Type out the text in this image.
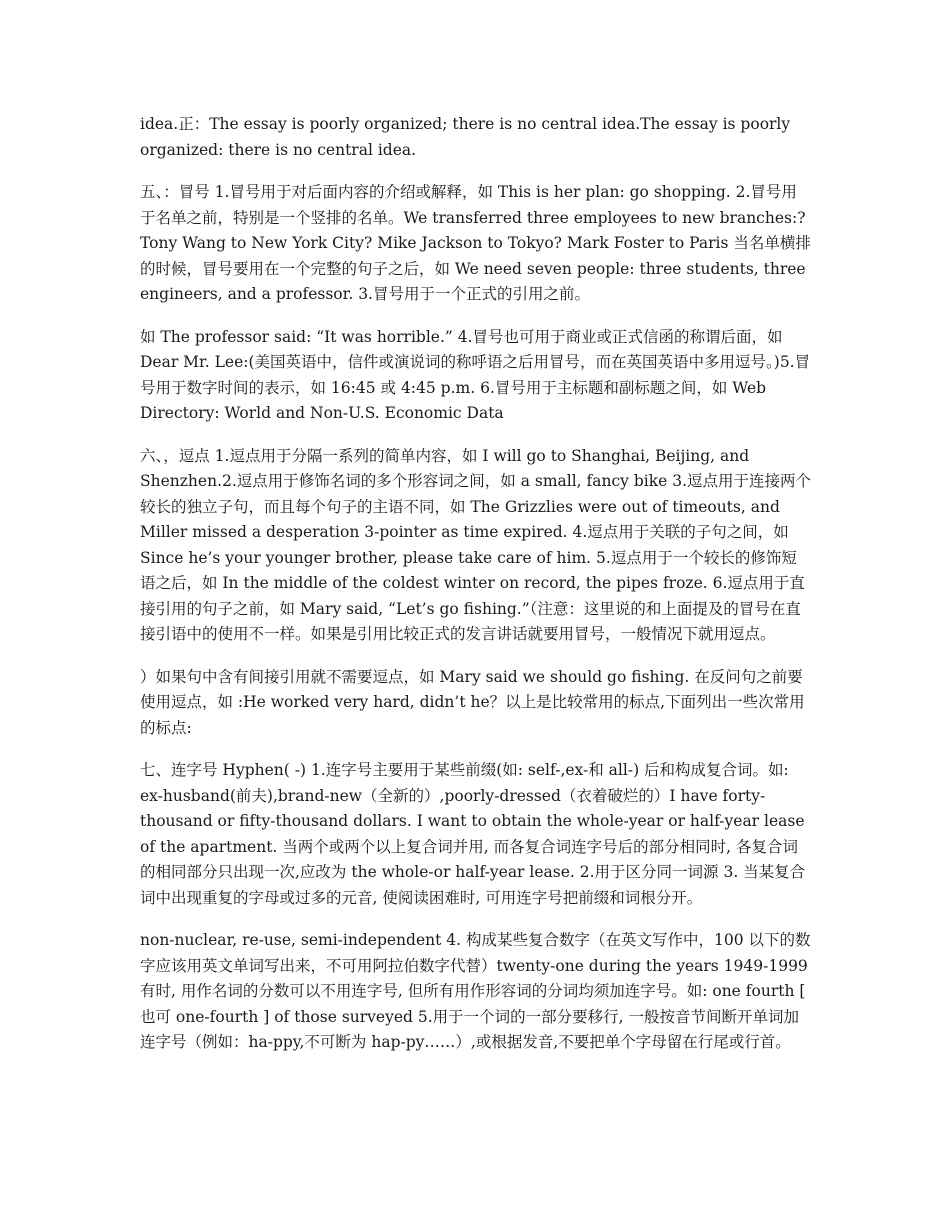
idea.正：The essay is poorly organized; there is no central idea.The essay is poorly organized: there is no central idea.

五、：冒号 1.冒号用于对后面内容的介绍或解释，如 This is her plan: go shopping. 2.冒号用于名单之前，特别是一个竖排的名单。We transferred three employees to new branches:? Tony Wang to New York City? Mike Jackson to Tokyo? Mark Foster to Paris 当名单横排的时候，冒号要用在一个完整的句子之后，如 We need seven people: three students, three engineers, and a professor. 3.冒号用于一个正式的引用之前。

如 The professor said: “It was horrible.” 4.冒号也可用于商业或正式信函的称谓后面，如 Dear Mr. Lee:(美国英语中，信件或演说词的称呼语之后用冒号，而在英国英语中多用逗号。)5.冒号用于数字时间的表示，如 16:45 或 4:45 p.m. 6.冒号用于主标题和副标题之间，如 Web Directory: World and Non-U.S. Economic Data

六、，逗点 1.逗点用于分隔一系列的简单内容，如 I will go to Shanghai, Beijing, and Shenzhen.2.逗点用于修饰名词的多个形容词之间，如 a small, fancy bike 3.逗点用于连接两个较长的独立子句，而且每个句子的主语不同，如 The Grizzlies were out of timeouts, and Miller missed a desperation 3-pointer as time expired. 4.逗点用于关联的子句之间，如 Since he’s your younger brother, please take care of him. 5.逗点用于一个较长的修饰短语之后，如 In the middle of the coldest winter on record, the pipes froze. 6.逗点用于直接引用的句子之前，如 Mary said, “Let’s go fishing.”（注意：这里说的和上面提及的冒号在直接引语中的使用不一样。如果是引用比较正式的发言讲话就要用冒号，一般情况下就用逗点。

）如果句中含有间接引用就不需要逗点，如 Mary said we should go fishing. 在反问句之前要使用逗点，如 :He worked very hard, didn’t he？以上是比较常用的标点,下面列出一些次常用的标点:

七、连字号 Hyphen( -) 1.连字号主要用于某些前缀(如: self-,ex-和 all-) 后和构成复合词。如: ex-husband(前夫),brand-new（全新的）,poorly-dressed（衣着破烂的）I have forty-thousand or fifty-thousand dollars. I want to obtain the whole-year or half-year lease of the apartment. 当两个或两个以上复合词并用, 而各复合词连字号后的部分相同时, 各复合词的相同部分只出现一次,应改为 the whole-or half-year lease. 2.用于区分同一词源 3. 当某复合词中出现重复的字母或过多的元音, 使阅读困难时, 可用连字号把前缀和词根分开。

non-nuclear, re-use, semi-independent 4. 构成某些复合数字（在英文写作中，100 以下的数字应该用英文单词写出来，不可用阿拉伯数字代替）twenty-one during the years 1949-1999 有时, 用作名词的分数可以不用连字号, 但所有用作形容词的分词均须加连字号。如: one fourth [ 也可 one-fourth ] of those surveyed 5.用于一个词的一部分要移行, 一般按音节间断开单词加连字号（例如：ha-ppy,不可断为 hap-py……）,或根据发音,不要把单个字母留在行尾或行首。
